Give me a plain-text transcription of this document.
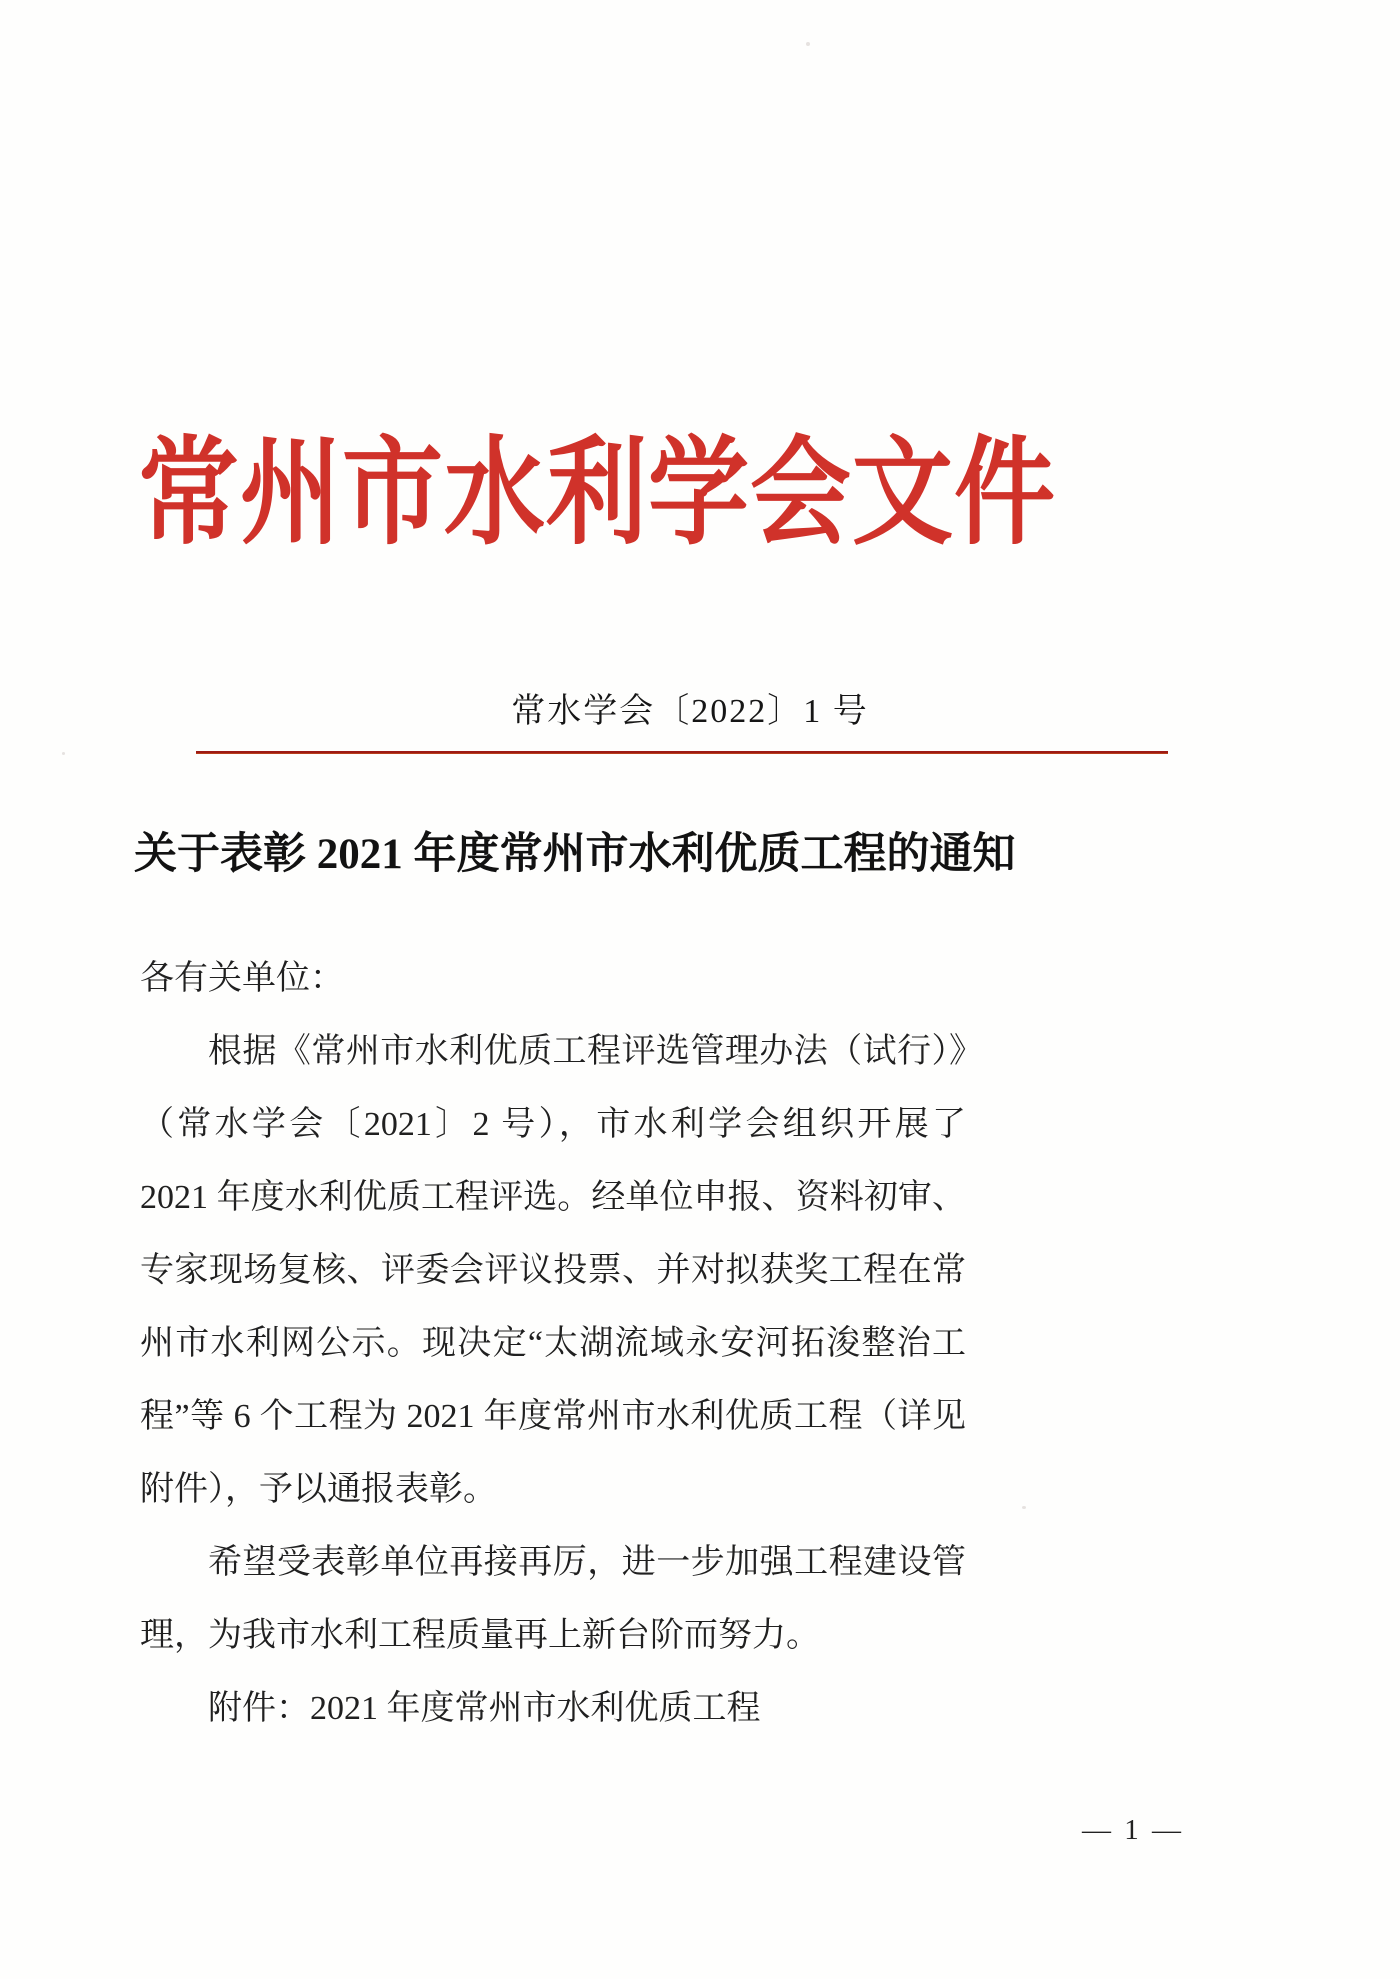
常州市水利学会文件
常水学会〔2022〕1 号
关于表彰 2021 年度常州市水利优质工程的通知

各有关单位：

根据《常州市水利优质工程评选管理办法（试行）》（常水学会〔2021〕2 号），市水利学会组织开展了 2021 年度水利优质工程评选。经单位申报、资料初审、专家现场复核、评委会评议投票、并对拟获奖工程在常州市水利网公示。现决定“太湖流域永安河拓浚整治工程”等 6 个工程为 2021 年度常州市水利优质工程（详见附件），予以通报表彰。

希望受表彰单位再接再厉，进一步加强工程建设管理，为我市水利工程质量再上新台阶而努力。

附件：2021 年度常州市水利优质工程

— 1 —
